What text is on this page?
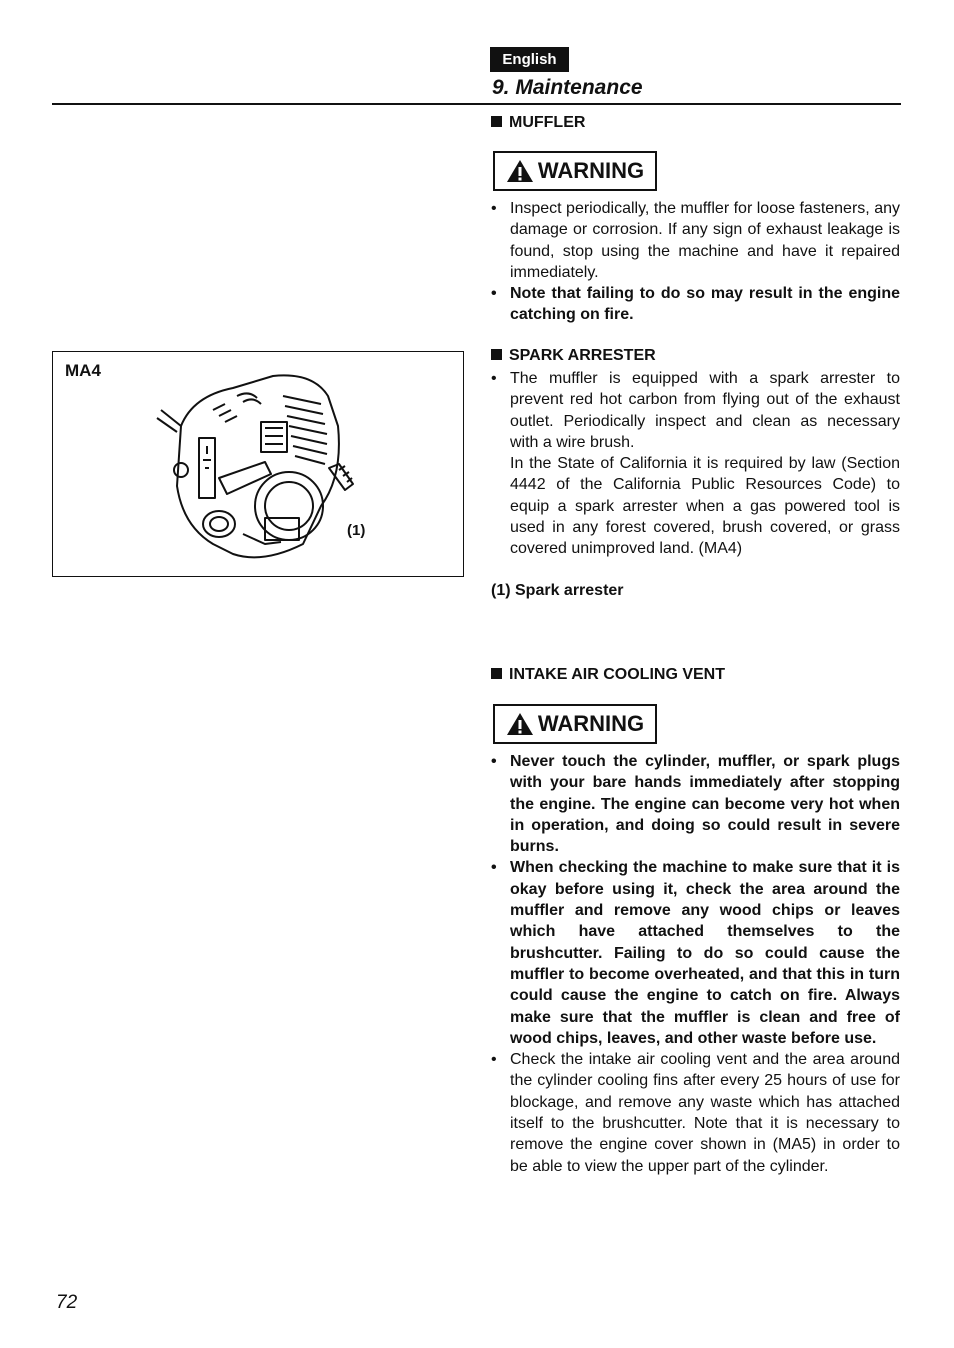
English
9. Maintenance
MUFFLER
WARNING
• Inspect periodically, the muffler for loose fasteners, any damage or corrosion. If any sign of exhaust leakage is found, stop using the machine and have it repaired immediately.
• Note that failing to do so may result in the engine catching on fire.
MA4
(1)
SPARK ARRESTER
• The muffler is equipped with a spark arrester to prevent red hot carbon from flying out of the exhaust outlet. Periodically inspect and clean as necessary with a wire brush.
In the State of California it is required by law (Section 4442 of the California Public Resources Code) to equip a spark arrester when a gas powered tool is used in any forest covered, brush covered, or grass covered unimproved land. (MA4)
(1) Spark arrester
INTAKE AIR COOLING VENT
WARNING
• Never touch the cylinder, muffler, or spark plugs with your bare hands immediately after stopping the engine. The engine can become very hot when in operation, and doing so could result in severe burns.
• When checking the machine to make sure that it is okay before using it, check the area around the muffler and remove any wood chips or leaves which have attached themselves to the brushcutter. Failing to do so could cause the muffler to become overheated, and that this in turn could cause the engine to catch on fire. Always make sure that the muffler is clean and free of wood chips, leaves, and other waste before use.
• Check the intake air cooling vent and the area around the cylinder cooling fins after every 25 hours of use for blockage, and remove any waste which has attached itself to the brushcutter. Note that it is necessary to remove the engine cover shown in (MA5) in order to be able to view the upper part of the cylinder.
72
